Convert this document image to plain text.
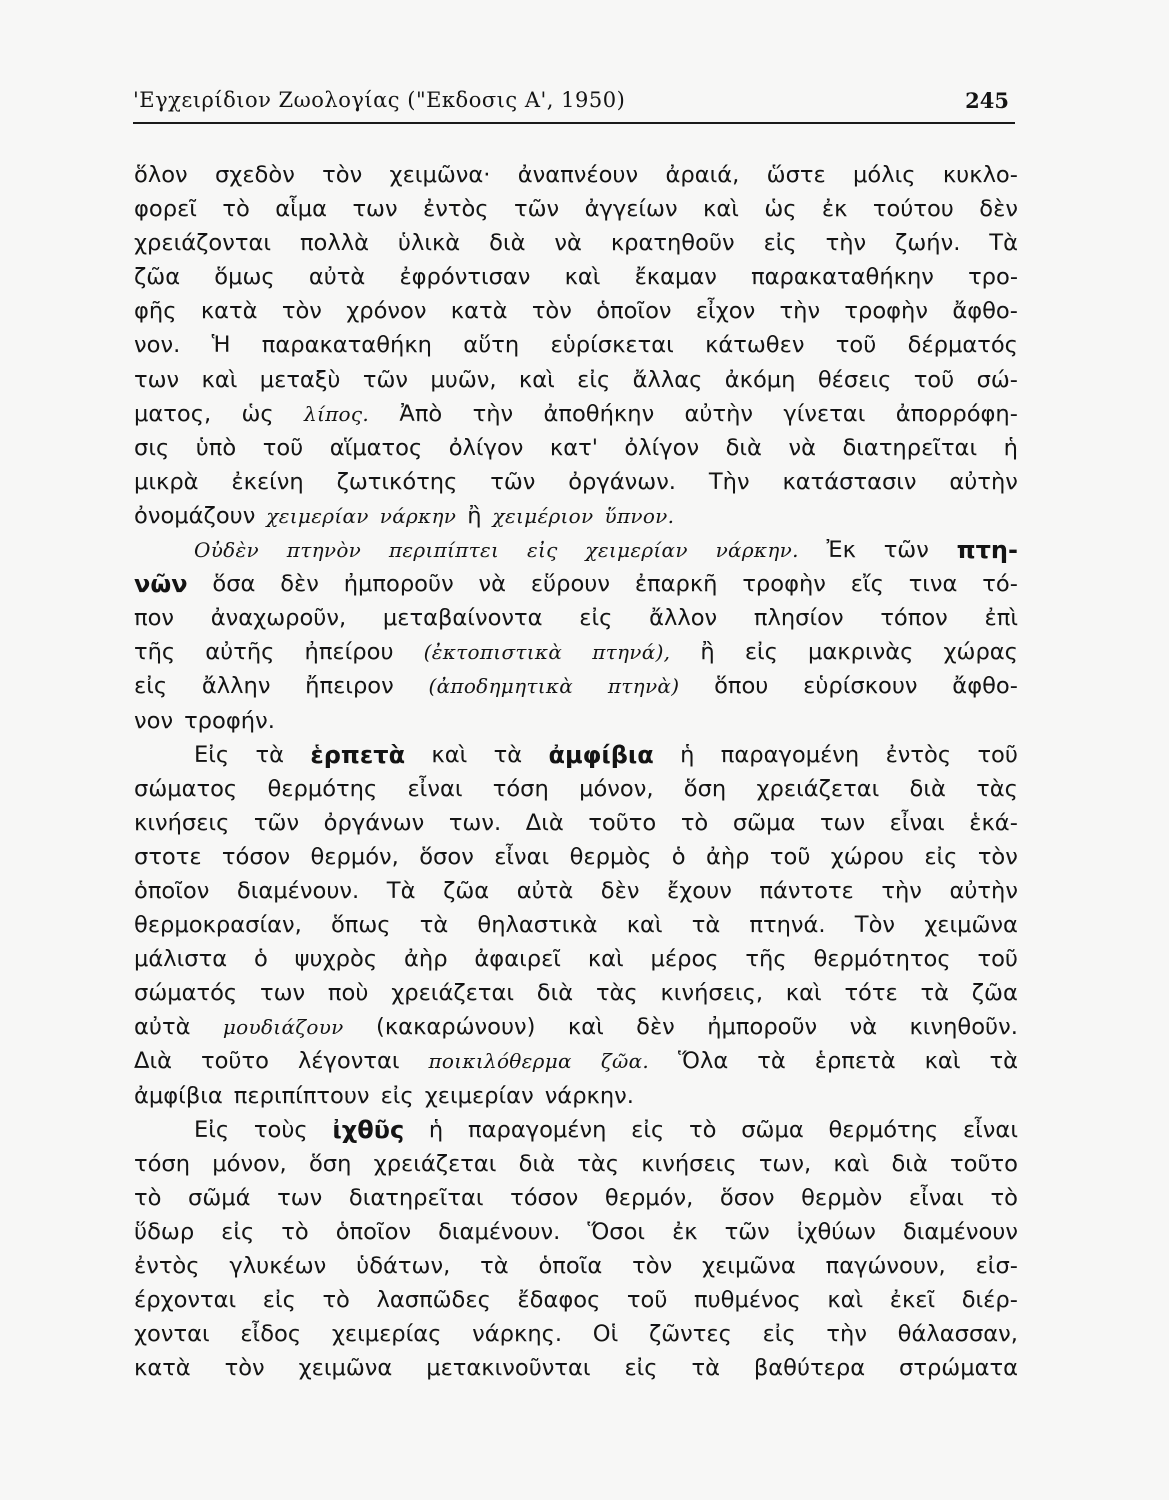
'Εγχειρίδιον Ζωολογίας ("Εκδοσις Α', 1950)	245
ὅλον σχεδὸν τὸν χειμῶνα· ἀναπνέουν ἀραιά, ὥστε μόλις κυκλο-
φορεῖ τὸ αἷμα των ἐντὸς τῶν ἀγγείων καὶ ὡς ἐκ τούτου δὲν
χρειάζονται πολλὰ ὑλικὰ διὰ νὰ κρατηθοῦν εἰς τὴν ζωήν. Τὰ
ζῶα ὅμως αὐτὰ ἐφρόντισαν καὶ ἔκαμαν παρακαταθήκην τρο-
φῆς κατὰ τὸν χρόνον κατὰ τὸν ὁποῖον εἶχον τὴν τροφὴν ἄφθο-
νον. Ἡ παρακαταθήκη αὕτη εὑρίσκεται κάτωθεν τοῦ δέρματός
των καὶ μεταξὺ τῶν μυῶν, καὶ εἰς ἄλλας ἀκόμη θέσεις τοῦ σώ-
ματος, ὡς λίπος. Ἀπὸ τὴν ἀποθήκην αὐτὴν γίνεται ἀπορρόφη-
σις ὑπὸ τοῦ αἵματος ὀλίγον κατ' ὀλίγον διὰ νὰ διατηρεῖται ἡ
μικρὰ ἐκείνη ζωτικότης τῶν ὀργάνων. Τὴν κατάστασιν αὐτὴν
ὀνομάζουν χειμερίαν νάρκην ἢ χειμέριον ὕπνον.
Οὐδὲν πτηνὸν περιπίπτει εἰς χειμερίαν νάρκην. Ἐκ τῶν πτη-
νῶν ὅσα δὲν ἠμποροῦν νὰ εὕρουν ἐπαρκῆ τροφὴν εἴς τινα τό-
πον ἀναχωροῦν, μεταβαίνοντα εἰς ἄλλον πλησίον τόπον ἐπὶ
τῆς αὐτῆς ἠπείρου (ἐκτοπιστικὰ πτηνά), ἢ εἰς μακρινὰς χώρας
εἰς ἄλλην ἤπειρον (ἀποδημητικὰ πτηνὰ) ὅπου εὑρίσκουν ἄφθο-
νον τροφήν.
Εἰς τὰ ἑρπετὰ καὶ τὰ ἀμφίβια ἡ παραγομένη ἐντὸς τοῦ
σώματος θερμότης εἶναι τόση μόνον, ὅση χρειάζεται διὰ τὰς
κινήσεις τῶν ὀργάνων των. Διὰ τοῦτο τὸ σῶμα των εἶναι ἑκά-
στοτε τόσον θερμόν, ὅσον εἶναι θερμὸς ὁ ἀὴρ τοῦ χώρου εἰς τὸν
ὁποῖον διαμένουν. Τὰ ζῶα αὐτὰ δὲν ἔχουν πάντοτε τὴν αὐτὴν
θερμοκρασίαν, ὅπως τὰ θηλαστικὰ καὶ τὰ πτηνά. Τὸν χειμῶνα
μάλιστα ὁ ψυχρὸς ἀὴρ ἀφαιρεῖ καὶ μέρος τῆς θερμότητος τοῦ
σώματός των ποὺ χρειάζεται διὰ τὰς κινήσεις, καὶ τότε τὰ ζῶα
αὐτὰ μουδιάζουν (κακαρώνουν) καὶ δὲν ἠμποροῦν νὰ κινηθοῦν.
Διὰ τοῦτο λέγονται ποικιλόθερμα ζῶα. Ὅλα τὰ ἑρπετὰ καὶ τὰ
ἀμφίβια περιπίπτουν εἰς χειμερίαν νάρκην.
Εἰς τοὺς ἰχθῦς ἡ παραγομένη εἰς τὸ σῶμα θερμότης εἶναι
τόση μόνον, ὅση χρειάζεται διὰ τὰς κινήσεις των, καὶ διὰ τοῦτο
τὸ σῶμά των διατηρεῖται τόσον θερμόν, ὅσον θερμὸν εἶναι τὸ
ὕδωρ εἰς τὸ ὁποῖον διαμένουν. Ὅσοι ἐκ τῶν ἰχθύων διαμένουν
ἐντὸς γλυκέων ὑδάτων, τὰ ὁποῖα τὸν χειμῶνα παγώνουν, εἰσ-
έρχονται εἰς τὸ λασπῶδες ἔδαφος τοῦ πυθμένος καὶ ἐκεῖ διέρ-
χονται εἶδος χειμερίας νάρκης. Οἱ ζῶντες εἰς τὴν θάλασσαν,
κατὰ τὸν χειμῶνα μετακινοῦνται εἰς τὰ βαθύτερα στρώματα
